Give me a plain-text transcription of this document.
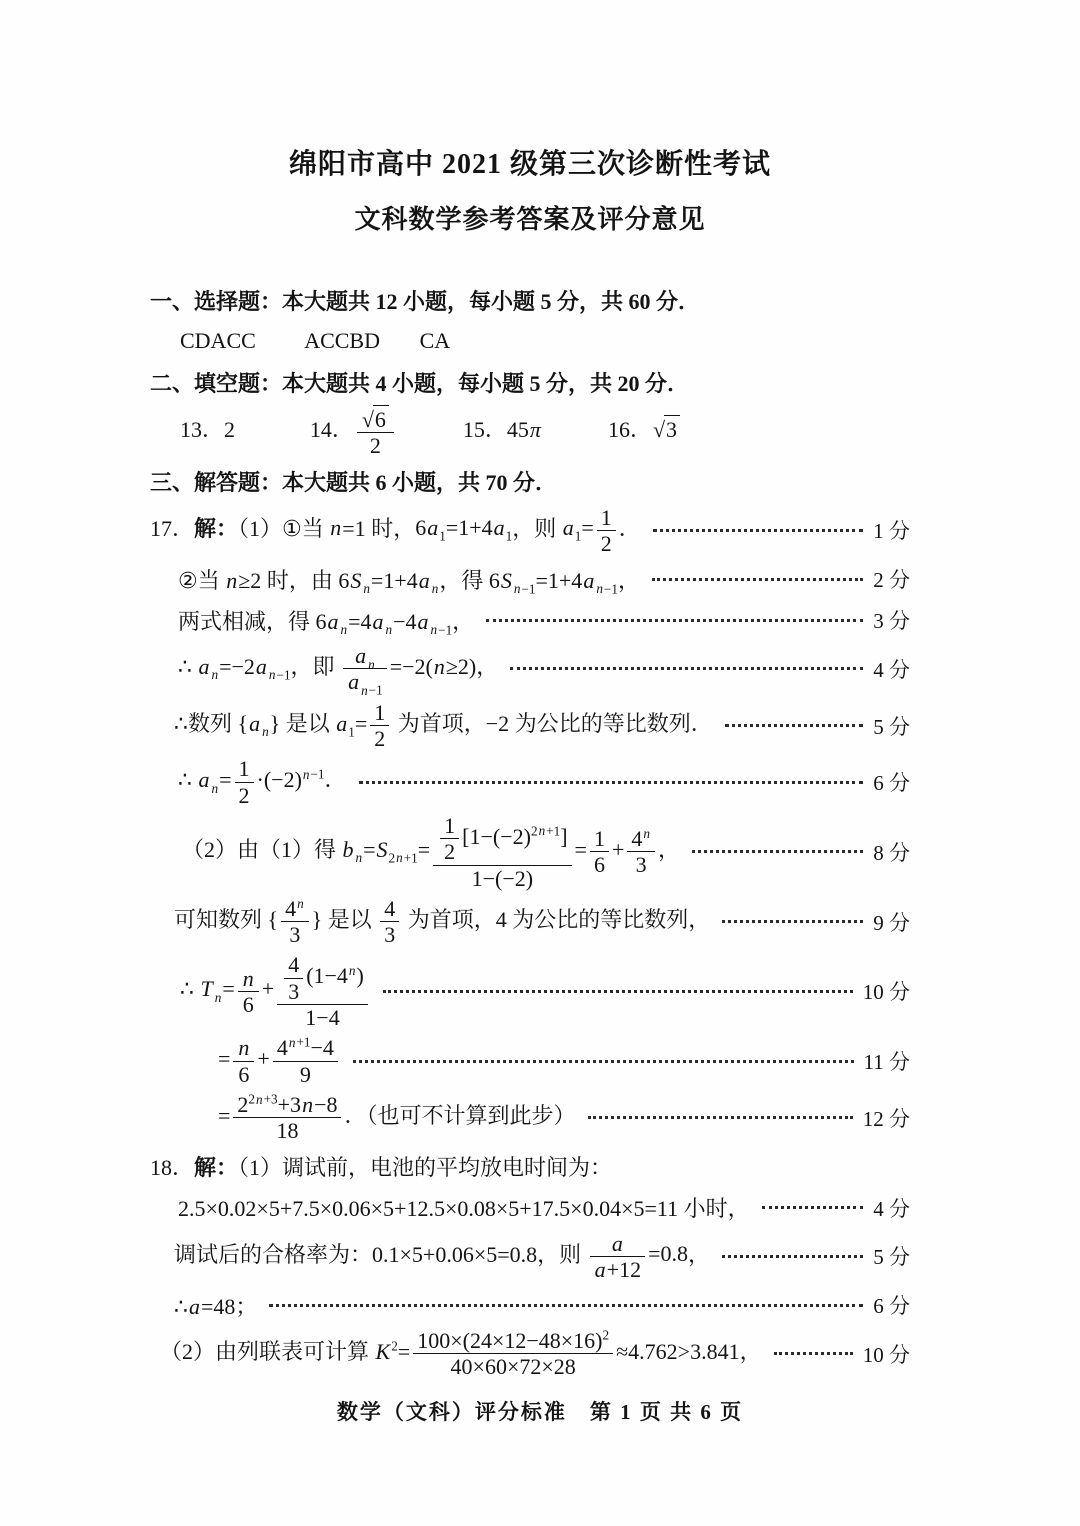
绵阳市高中 2021 级第三次诊断性考试
文科数学参考答案及评分意见
一、选择题：本大题共 12 小题，每小题 5 分，共 60 分．
CDACC ACCBD CA
二、填空题：本大题共 4 小题，每小题 5 分，共 20 分．
13．2	14． $\frac{√ 6}{2}$	15．45π	16． √ 3
三、解答题：本大题共 6 小题，共 70 分．
17．解：（1）①当 n=1 时，$6a_1=1+4a_1$，则 $a_1= \frac{1}{2}$ ．	1 分
②当 n≥2 时，由 6S $_n$=1+4a $_n$，得 6S $_{n-1}$=1+4a $_{n-1}$，	2 分
两式相减，得 6a $_n$=4a $_n$−4a $_{n-1}$，	3 分
∴ a $_n$=−2a $_{n-1}$，即 $\frac{a _n}{a _{n-1}} =-2(n\ge 2)$，	4 分
∴数列 {a $_n$} 是以 $a_1= \frac{1}{2}$ 为首项，−2 为公比的等比数列．	5 分
∴ a $_n= \frac{1}{2} \cdot(-2)^{n-1}$．	6 分
（2）由（1）得 b $_n=S_{2n+1}= \frac{\frac{1}{2} [1-(-2)^{2n+1}]}{1-(-2)} = \frac{1}{6} + \frac{4^n}{3}$ ，	8 分
可知数列 { $\frac{4^n}{3}$ } 是以 $\frac{4}{3}$ 为首项，4 为公比的等比数列，	9 分
∴ T $_n= \frac{n}{6} + \frac{\frac{4}{3} (1-4^n)}{1-4}$	10 分
= $\frac{n}{6} + \frac{4^{n+1}-4}{9}$	11 分
= $\frac{2^{2n+3}+3n-8}{18}$ ．（也可不计算到此步）	12 分
18．解：（1）调试前，电池的平均放电时间为：
2.5×0.02×5+7.5×0.06×5+12.5×0.08×5+17.5×0.04×5=11 小时，	4 分
调试后的合格率为：0.1×5+0.06×5=0.8，则 $\frac{a}{a+12} =0.8$，	5 分
∴a=48；	6 分
（2）由列联表可计算 $K^2= \frac{100\times(24\times 12-48\times 16)^2}{40\times 60\times 72\times 28} \approx 4.762>3.841$，	10 分
数学（文科）评分标准　第 1 页 共 6 页
